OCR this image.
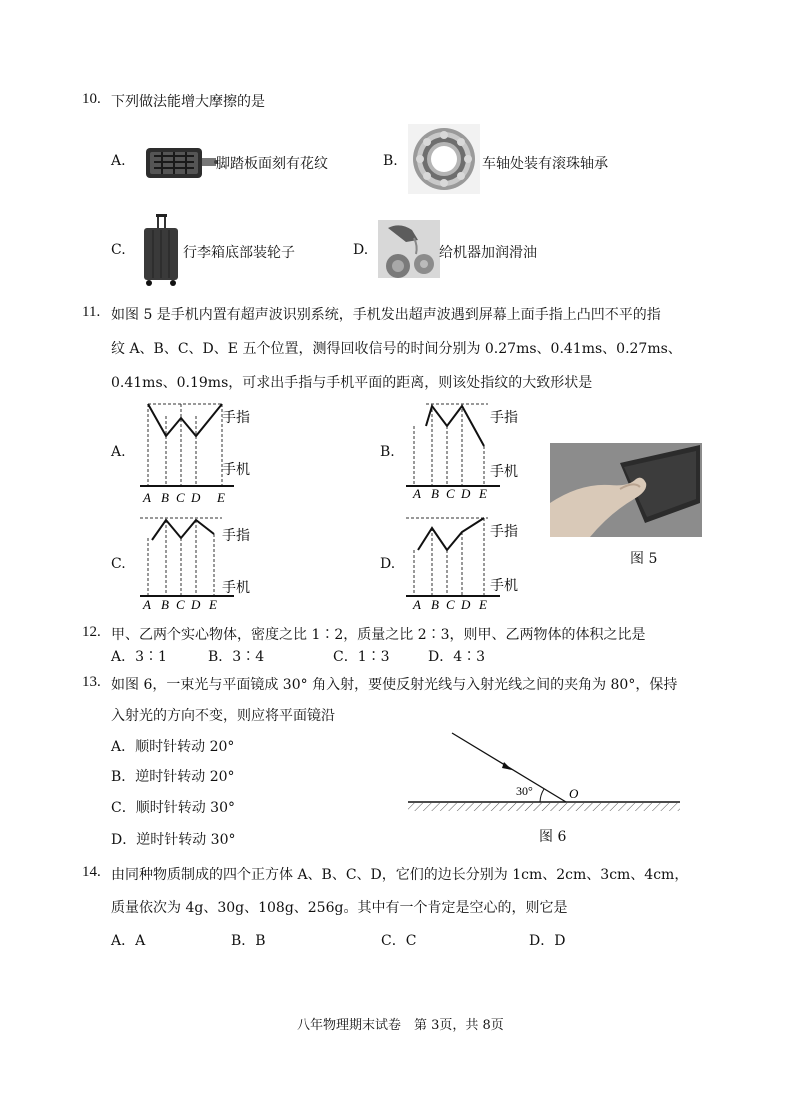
10. 下列做法能增大摩擦的是
A.	脚踏板面刻有花纹	B.	车轴处装有滚珠轴承
C.	行李箱底部装轮子	D.	给机器加润滑油
11. 如图 5 是手机内置有超声波识别系统，手机发出超声波遇到屏幕上面手指上凸凹不平的指
纹 A、B、C、D、E 五个位置，测得回收信号的时间分别为 0.27ms、0.41ms、0.27ms、
0.41ms、0.19ms，可求出手指与手机平面的距离，则该处指纹的大致形状是
A.
手指
手机
A B C D E
B.
手指
手机
A B C D E
图 5
C.
手指
手机
A B C D E
D.
手指
手机
A B C D E
12. 甲、乙两个实心物体，密度之比 1∶2，质量之比 2∶3，则甲、乙两物体的体积之比是
A．3∶1	B．3∶4	C．1∶3	D．4∶3
13. 如图 6，一束光与平面镜成 30° 角入射，要使反射光线与入射光线之间的夹角为 80°，保持
入射光的方向不变，则应将平面镜沿
A．顺时针转动 20°
B．逆时针转动 20°
C．顺时针转动 30°
D．逆时针转动 30°
30°	O
图 6
14. 由同种物质制成的四个正方体 A、B、C、D，它们的边长分别为 1cm、2cm、3cm、4cm，
质量依次为 4g、30g、108g、256g。其中有一个肯定是空心的，则它是
A．A	B．B	C．C	D．D
八年物理期末试卷　第 3页，共 8页
